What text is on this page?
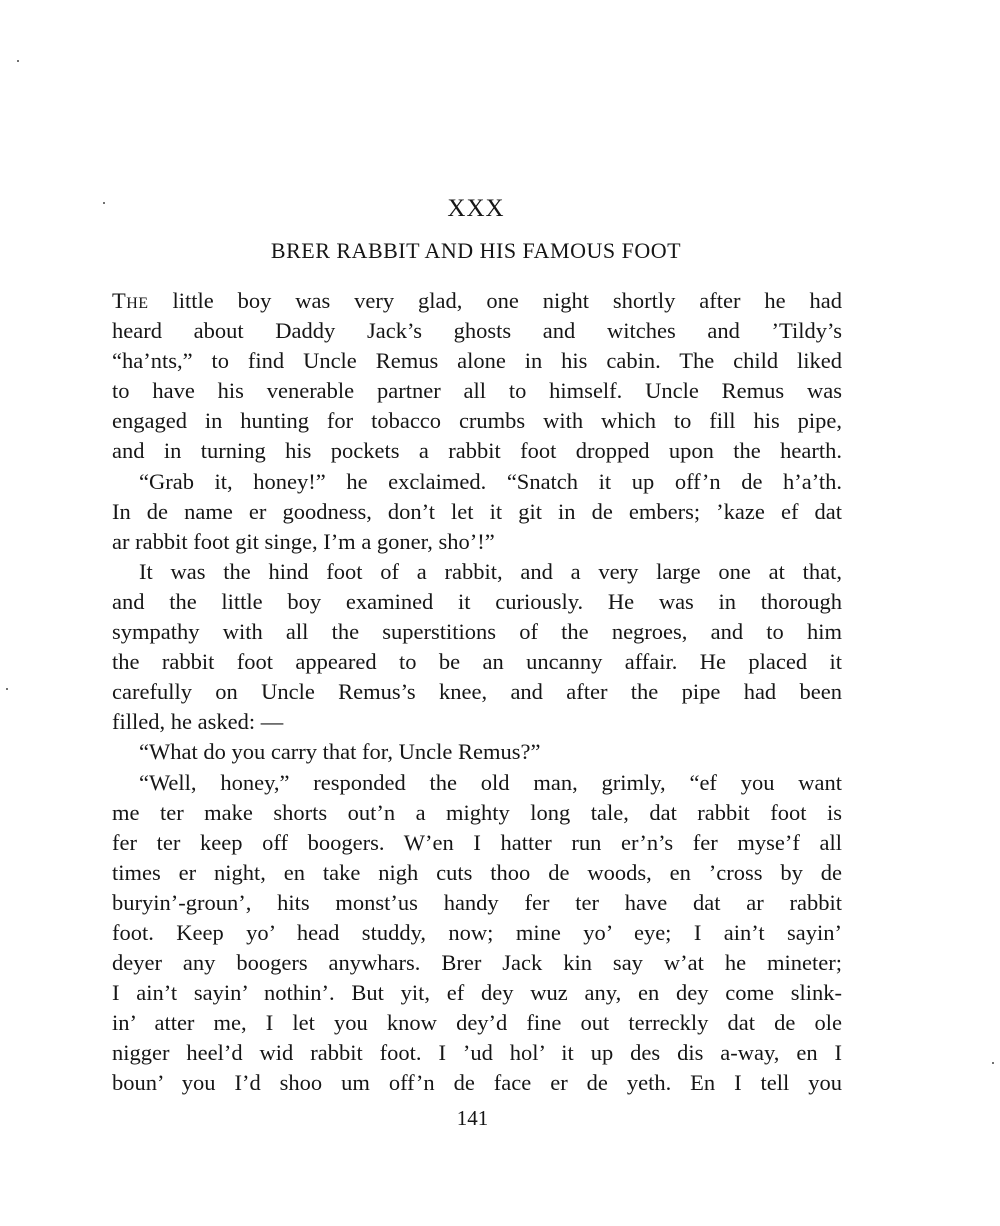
XXX
BRER RABBIT AND HIS FAMOUS FOOT
The little boy was very glad, one night shortly after he had
heard about Daddy Jack’s ghosts and witches and ’Tildy’s
“ha’nts,” to find Uncle Remus alone in his cabin. The child liked
to have his venerable partner all to himself. Uncle Remus was
engaged in hunting for tobacco crumbs with which to fill his pipe,
and in turning his pockets a rabbit foot dropped upon the hearth.
“Grab it, honey!” he exclaimed. “Snatch it up off’n de h’a’th.
In de name er goodness, don’t let it git in de embers; ’kaze ef dat
ar rabbit foot git singe, I’m a goner, sho’!”
It was the hind foot of a rabbit, and a very large one at that,
and the little boy examined it curiously. He was in thorough
sympathy with all the superstitions of the negroes, and to him
the rabbit foot appeared to be an uncanny affair. He placed it
carefully on Uncle Remus’s knee, and after the pipe had been
filled, he asked: —
“What do you carry that for, Uncle Remus?”
“Well, honey,” responded the old man, grimly, “ef you want
me ter make shorts out’n a mighty long tale, dat rabbit foot is
fer ter keep off boogers. W’en I hatter run er’n’s fer myse’f all
times er night, en take nigh cuts thoo de woods, en ’cross by de
buryin’-groun’, hits monst’us handy fer ter have dat ar rabbit
foot. Keep yo’ head studdy, now; mine yo’ eye; I ain’t sayin’
deyer any boogers anywhars. Brer Jack kin say w’at he mineter;
I ain’t sayin’ nothin’. But yit, ef dey wuz any, en dey come slink-
in’ atter me, I let you know dey’d fine out terreckly dat de ole
nigger heel’d wid rabbit foot. I ’ud hol’ it up des dis a-way, en I
boun’ you I’d shoo um off’n de face er de yeth. En I tell you
141
